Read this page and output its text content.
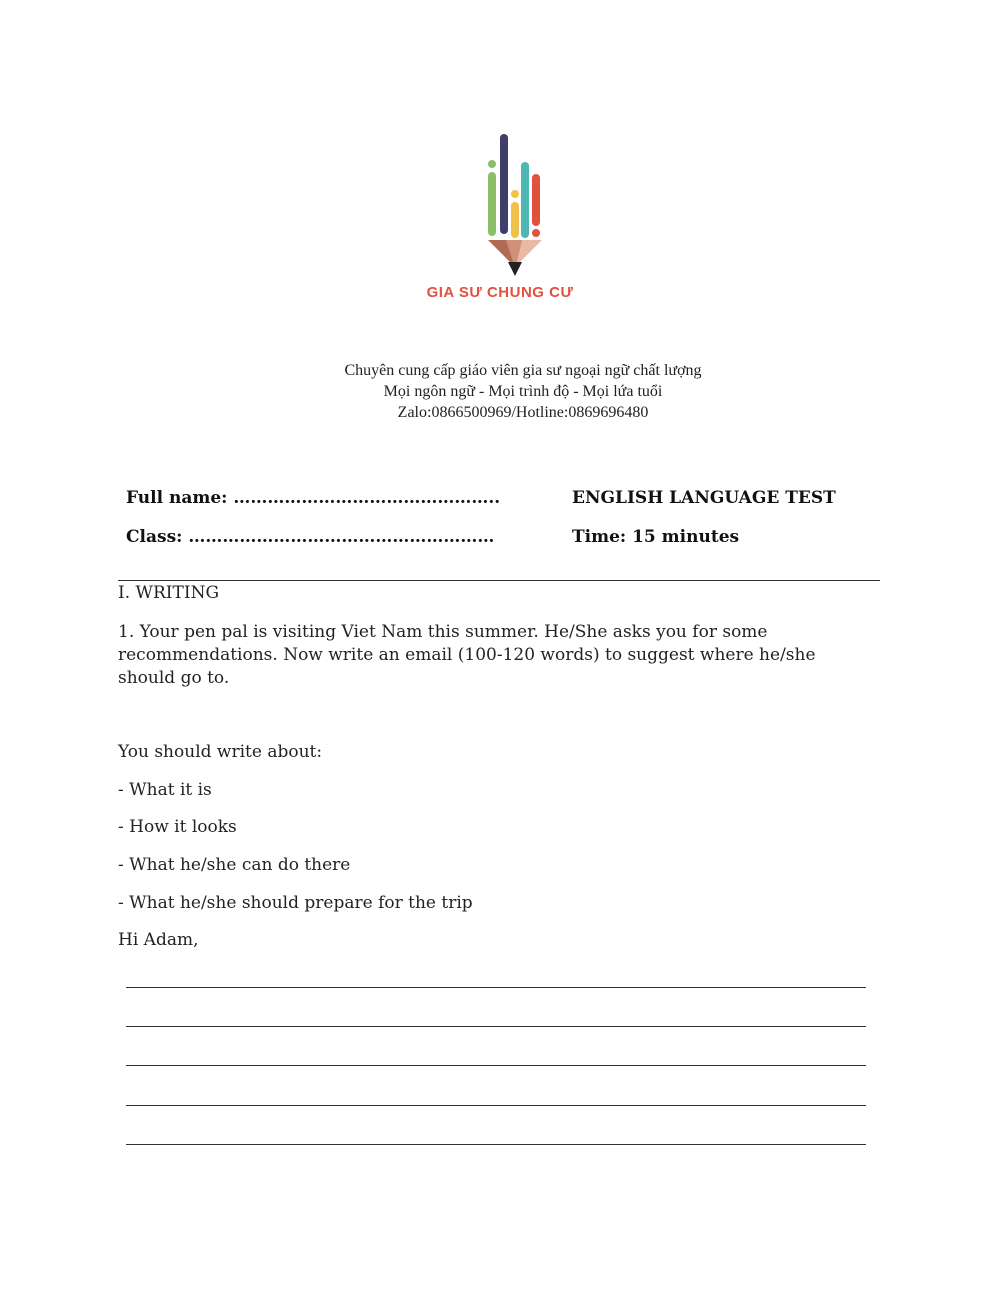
GIA SƯ CHUNG CƯ
Chuyên cung cấp giáo viên gia sư ngoại ngữ chất lượng
Mọi ngôn ngữ - Mọi trình độ - Mọi lứa tuổi
Zalo:0866500969/Hotline:0869696480
Full name: ………………………………………..
Class: ………………………………………………
ENGLISH LANGUAGE TEST
Time: 15 minutes
I. WRITING
1. Your pen pal is visiting Viet Nam this summer. He/She asks you for some recommendations. Now write an email (100-120 words) to suggest where he/she should go to.
You should write about:
- What it is
- How it looks
- What he/she can do there
- What he/she should prepare for the trip
Hi Adam,
